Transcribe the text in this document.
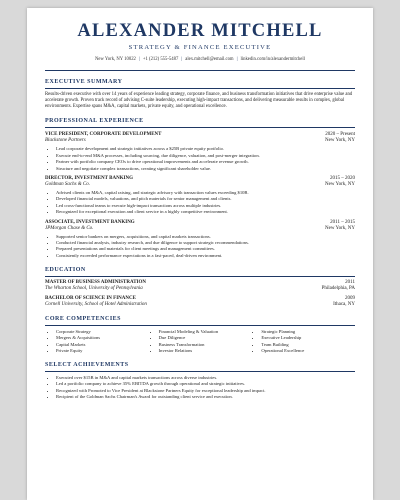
ALEXANDER MITCHELL
STRATEGY & FINANCE EXECUTIVE
New York, NY 10022 | +1 (212) 555-5487 | alex.mitchell@email.com | linkedin.com/in/alexandermitchell
EXECUTIVE SUMMARY

Results-driven executive with over 14 years of experience leading strategy, corporate finance, and business transformation initiatives that drive enterprise value and accelerate growth. Proven track record of advising C-suite leadership, executing high-impact transactions, and delivering measurable results in complex, global environments. Expertise spans M&A, capital markets, private equity, and operational excellence.

PROFESSIONAL EXPERIENCE
VICE PRESIDENT, CORPORATE DEVELOPMENT	2020 – Present
Blackstone Partners	New York, NY
• Lead corporate development and strategic initiatives across a $25B private equity portfolio.
• Execute end-to-end M&A processes, including sourcing, due diligence, valuation, and post-merger integration.
• Partner with portfolio company CEOs to drive operational improvements and accelerate revenue growth.
• Structure and negotiate complex transactions, creating significant shareholder value.
DIRECTOR, INVESTMENT BANKING	2015 – 2020
Goldman Sachs & Co.	New York, NY
• Advised clients on M&A, capital raising, and strategic advisory with transaction values exceeding $10B.
• Developed financial models, valuations, and pitch materials for senior management and clients.
• Led cross-functional teams to execute high-impact transactions across multiple industries.
• Recognized for exceptional execution and client service in a highly competitive environment.
ASSOCIATE, INVESTMENT BANKING	2011 – 2015
JPMorgan Chase & Co.	New York, NY
• Supported senior bankers on mergers, acquisitions, and capital markets transactions.
• Conducted financial analysis, industry research, and due diligence to support strategic recommendations.
• Prepared presentations and materials for client meetings and management committees.
• Consistently exceeded performance expectations in a fast-paced, deal-driven environment.
EDUCATION
MASTER OF BUSINESS ADMINISTRATION	2011
The Wharton School, University of Pennsylvania	Philadelphia, PA
BACHELOR OF SCIENCE IN FINANCE	2009
Cornell University, School of Hotel Administration	Ithaca, NY
CORE COMPETENCIES
• Corporate Strategy
• Mergers & Acquisitions
• Capital Markets
• Private Equity
• Financial Modeling & Valuation
• Due Diligence
• Business Transformation
• Investor Relations
• Strategic Planning
• Executive Leadership
• Team Building
• Operational Excellence
SELECT ACHIEVEMENTS
• Executed over $15B in M&A and capital markets transactions across diverse industries.
• Led a portfolio company to achieve 35% EBITDA growth through operational and strategic initiatives.
• Recognized with Promoted to Vice President at Blackstone Partners Equity for exceptional leadership and impact.
• Recipient of the Goldman Sachs Chairman's Award for outstanding client service and execution.
